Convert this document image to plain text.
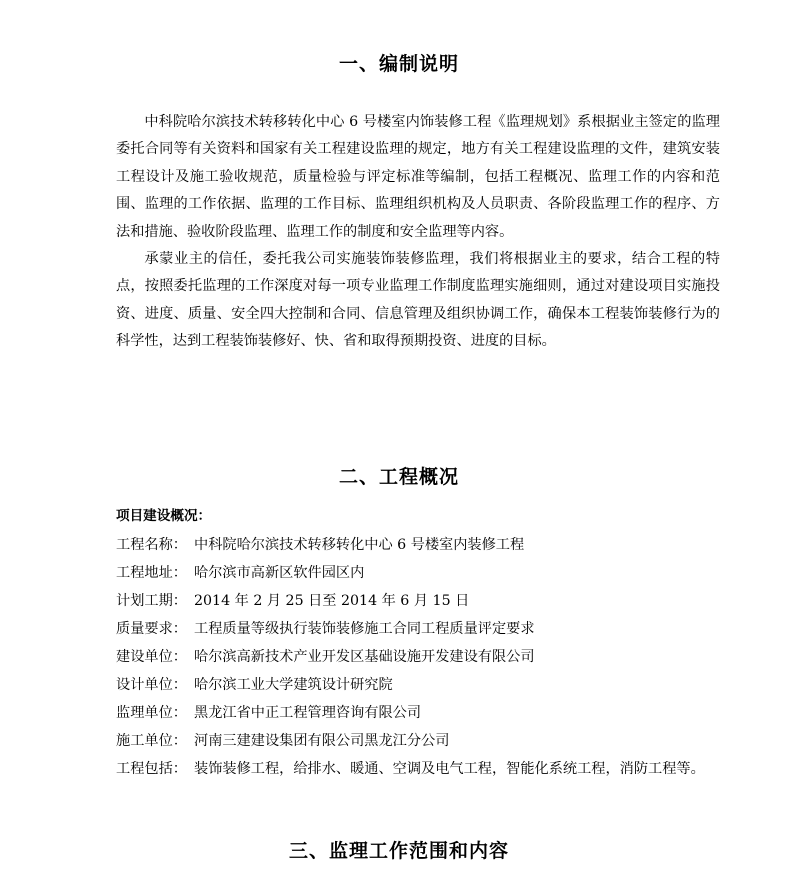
一、编制说明

中科院哈尔滨技术转移转化中心 6 号楼室内饰装修工程《监理规划》系根据业主签定的监理委托合同等有关资料和国家有关工程建设监理的规定，地方有关工程建设监理的文件，建筑安装工程设计及施工验收规范，质量检验与评定标准等编制，包括工程概况、监理工作的内容和范围、监理的工作依据、监理的工作目标、监理组织机构及人员职责、各阶段监理工作的程序、方法和措施、验收阶段监理、监理工作的制度和安全监理等内容。

承蒙业主的信任，委托我公司实施装饰装修监理，我们将根据业主的要求，结合工程的特点，按照委托监理的工作深度对每一项专业监理工作制度监理实施细则，通过对建设项目实施投资、进度、质量、安全四大控制和合同、信息管理及组织协调工作，确保本工程装饰装修行为的科学性，达到工程装饰装修好、快、省和取得预期投资、进度的目标。

二、工程概况
项目建设概况：
工程名称： 中科院哈尔滨技术转移转化中心 6 号楼室内装修工程
工程地址： 哈尔滨市高新区软件园区内
计划工期： 2014 年 2 月 25 日至 2014 年 6 月 15 日
质量要求： 工程质量等级执行装饰装修施工合同工程质量评定要求
建设单位： 哈尔滨高新技术产业开发区基础设施开发建设有限公司
设计单位： 哈尔滨工业大学建筑设计研究院
监理单位： 黑龙江省中正工程管理咨询有限公司
施工单位： 河南三建建设集团有限公司黑龙江分公司
工程包括： 装饰装修工程，给排水、暖通、空调及电气工程，智能化系统工程，消防工程等。
三、监理工作范围和内容
